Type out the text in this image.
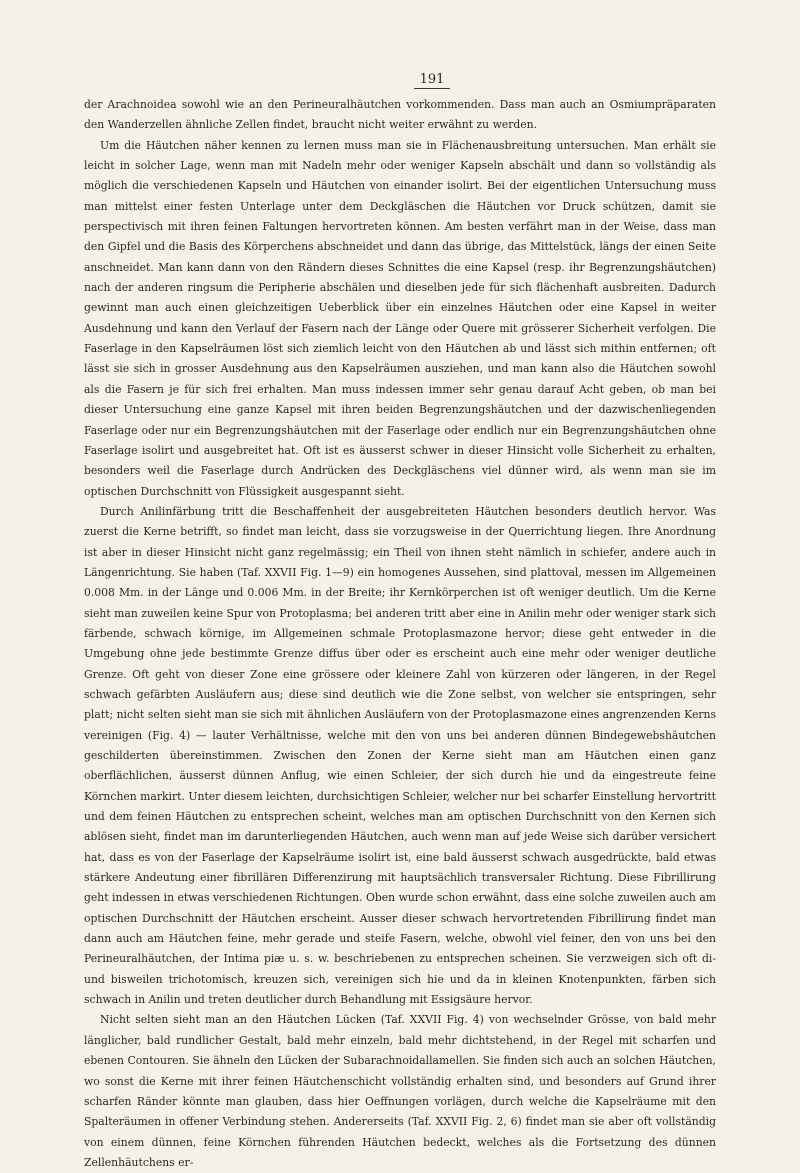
191

der Arachnoidea sowohl wie an den Perineuralhäutchen vorkommenden. Dass man auch an Osmiumpräparaten den Wanderzellen ähnliche Zellen findet, braucht nicht weiter erwähnt zu werden.

Um die Häutchen näher kennen zu lernen muss man sie in Flächenausbreitung untersuchen. Man erhält sie leicht in solcher Lage, wenn man mit Nadeln mehr oder weniger Kapseln abschält und dann so vollständig als möglich die verschiedenen Kapseln und Häutchen von einander isolirt. Bei der eigentlichen Untersuchung muss man mittelst einer festen Unterlage unter dem Deckgläschen die Häutchen vor Druck schützen, damit sie perspectivisch mit ihren feinen Faltungen hervortreten können. Am besten verfährt man in der Weise, dass man den Gipfel und die Basis des Körperchens abschneidet und dann das übrige, das Mittelstück, längs der einen Seite anschneidet. Man kann dann von den Rändern dieses Schnittes die eine Kapsel (resp. ihr Begrenzungshäutchen) nach der anderen ringsum die Peripherie abschälen und dieselben jede für sich flächenhaft ausbreiten. Dadurch gewinnt man auch einen gleichzeitigen Ueberblick über ein einzelnes Häutchen oder eine Kapsel in weiter Ausdehnung und kann den Verlauf der Fasern nach der Länge oder Quere mit grösserer Sicherheit verfolgen. Die Faserlage in den Kapselräumen löst sich ziemlich leicht von den Häutchen ab und lässt sich mithin entfernen; oft lässt sie sich in grosser Ausdehnung aus den Kapselräumen ausziehen, und man kann also die Häutchen sowohl als die Fasern je für sich frei erhalten. Man muss indessen immer sehr genau darauf Acht geben, ob man bei dieser Untersuchung eine ganze Kapsel mit ihren beiden Begrenzungshäutchen und der dazwischenliegenden Faserlage oder nur ein Begrenzungshäutchen mit der Faserlage oder endlich nur ein Begrenzungshäutchen ohne Faserlage isolirt und ausgebreitet hat. Oft ist es äusserst schwer in dieser Hinsicht volle Sicherheit zu erhalten, besonders weil die Faserlage durch Andrücken des Deckgläschens viel dünner wird, als wenn man sie im optischen Durchschnitt von Flüssigkeit ausgespannt sieht.

Durch Anilinfärbung tritt die Beschaffenheit der ausgebreiteten Häutchen besonders deutlich hervor. Was zuerst die Kerne betrifft, so findet man leicht, dass sie vorzugsweise in der Querrichtung liegen. Ihre Anordnung ist aber in dieser Hinsicht nicht ganz regelmässig; ein Theil von ihnen steht nämlich in schiefer, andere auch in Längenrichtung. Sie haben (Taf. XXVII Fig. 1—9) ein homogenes Aussehen, sind plattoval, messen im Allgemeinen 0.008 Mm. in der Länge und 0.006 Mm. in der Breite; ihr Kernkörperchen ist oft weniger deutlich. Um die Kerne sieht man zuweilen keine Spur von Protoplasma; bei anderen tritt aber eine in Anilin mehr oder weniger stark sich färbende, schwach körnige, im Allgemeinen schmale Protoplasmazone hervor; diese geht entweder in die Umgebung ohne jede bestimmte Grenze diffus über oder es erscheint auch eine mehr oder weniger deutliche Grenze. Oft geht von dieser Zone eine grössere oder kleinere Zahl von kürzeren oder längeren, in der Regel schwach gefärbten Ausläufern aus; diese sind deutlich wie die Zone selbst, von welcher sie entspringen, sehr platt; nicht selten sieht man sie sich mit ähnlichen Ausläufern von der Protoplasmazone eines angrenzenden Kerns vereinigen (Fig. 4) — lauter Verhältnisse, welche mit den von uns bei anderen dünnen Bindegewebshäutchen geschilderten übereinstimmen. Zwischen den Zonen der Kerne sieht man am Häutchen einen ganz oberflächlichen, äusserst dünnen Anflug, wie einen Schleier, der sich durch hie und da eingestreute feine Körnchen markirt. Unter diesem leichten, durchsichtigen Schleier, welcher nur bei scharfer Einstellung hervortritt und dem feinen Häutchen zu entsprechen scheint, welches man am optischen Durchschnitt von den Kernen sich ablösen sieht, findet man im darunterliegenden Häutchen, auch wenn man auf jede Weise sich darüber versichert hat, dass es von der Faserlage der Kapselräume isolirt ist, eine bald äusserst schwach ausgedrückte, bald etwas stärkere Andeutung einer fibrillären Differenzirung mit hauptsächlich transversaler Richtung. Diese Fibrillirung geht indessen in etwas verschiedenen Richtungen. Oben wurde schon erwähnt, dass eine solche zuweilen auch am optischen Durchschnitt der Häutchen erscheint. Ausser dieser schwach hervortretenden Fibrillirung findet man dann auch am Häutchen feine, mehr gerade und steife Fasern, welche, obwohl viel feiner, den von uns bei den Perineuralhäutchen, der Intima piæ u. s. w. beschriebenen zu entsprechen scheinen. Sie verzweigen sich oft di- und bisweilen trichotomisch, kreuzen sich, vereinigen sich hie und da in kleinen Knotenpunkten, färben sich schwach in Anilin und treten deutlicher durch Behandlung mit Essigsäure hervor.

Nicht selten sieht man an den Häutchen Lücken (Taf. XXVII Fig. 4) von wechselnder Grösse, von bald mehr länglicher, bald rundlicher Gestalt, bald mehr einzeln, bald mehr dichtstehend, in der Regel mit scharfen und ebenen Contouren. Sie ähneln den Lücken der Subarachnoidallamellen. Sie finden sich auch an solchen Häutchen, wo sonst die Kerne mit ihrer feinen Häutchenschicht vollständig erhalten sind, und besonders auf Grund ihrer scharfen Ränder könnte man glauben, dass hier Oeffnungen vorlägen, durch welche die Kapselräume mit den Spalteräumen in offener Verbindung stehen. Andererseits (Taf. XXVII Fig. 2, 6) findet man sie aber oft vollständig von einem dünnen, feine Körnchen führenden Häutchen bedeckt, welches als die Fortsetzung des dünnen Zellenhäutchens er-
